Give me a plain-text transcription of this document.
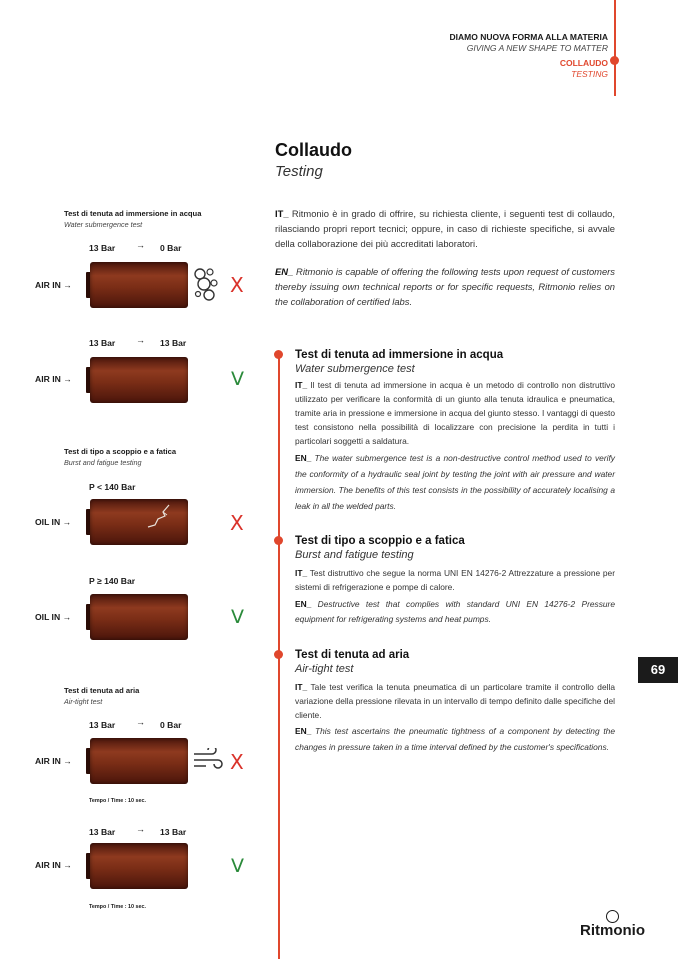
DIAMO NUOVA FORMA ALLA MATERIA
GIVING A NEW SHAPE TO MATTER
COLLAUDO
TESTING
Collaudo
Testing
IT_ Ritmonio è in grado di offrire, su richiesta cliente, i seguenti test di collaudo, rilasciando propri report tecnici; oppure, in caso di richieste specifiche, si avvale della collaborazione dei più accreditati laboratori.
EN_ Ritmonio is capable of offering the following tests upon request of customers thereby issuing own technical reports or for specific requests, Ritmonio relies on the collaboration of certified labs.
Test di tenuta ad immersione in acqua
Water submergence test
IT_ Il test di tenuta ad immersione in acqua è un metodo di controllo non distruttivo utilizzato per verificare la conformità di un giunto alla tenuta idraulica e pneumatica, tramite aria in pressione e immersione in acqua del giunto stesso. I vantaggi di questo test consistono nella possibilità di localizzare con precisione la perdita in tutti i particolari soggetti a saldatura.
EN_ The water submergence test is a non-destructive control method used to verify the conformity of a hydraulic seal joint by testing the joint with air pressure and water immersion. The benefits of this test consists in the possibility of accurately localising a leak in all the welded parts.
Test di tipo a scoppio e a fatica
Burst and fatigue testing
IT_ Test distruttivo che segue la norma UNI EN 14276-2 Attrezzature a pressione per sistemi di refrigerazione e pompe di calore.
EN_ Destructive test that complies with standard UNI EN 14276-2 Pressure equipment for refrigerating systems and heat pumps.
Test di tenuta ad aria
Air-tight test
IT_ Tale test verifica la tenuta pneumatica di un particolare tramite il controllo della variazione della pressione rilevata in un intervallo di tempo definito dalle specifiche del cliente.
EN_ This test ascertains the pneumatic tightness of a component by detecting the changes in pressure taken in a time interval defined by the customer's specifications.
69
Ritmonio
Test di tenuta ad immersione in acqua
Water submergence test
13 Bar → 0 Bar
AIR IN →	X
13 Bar → 13 Bar
AIR IN →	V
Test di tipo a scoppio e a fatica
Burst and fatigue testing
P < 140 Bar
OIL IN →	X
P ≥ 140 Bar
OIL IN →	V
Test di tenuta ad aria
Air-tight test
13 Bar → 0 Bar
AIR IN →	X
Tempo / Time : 10 sec.
13 Bar → 13 Bar
AIR IN →	V
Tempo / Time : 10 sec.
